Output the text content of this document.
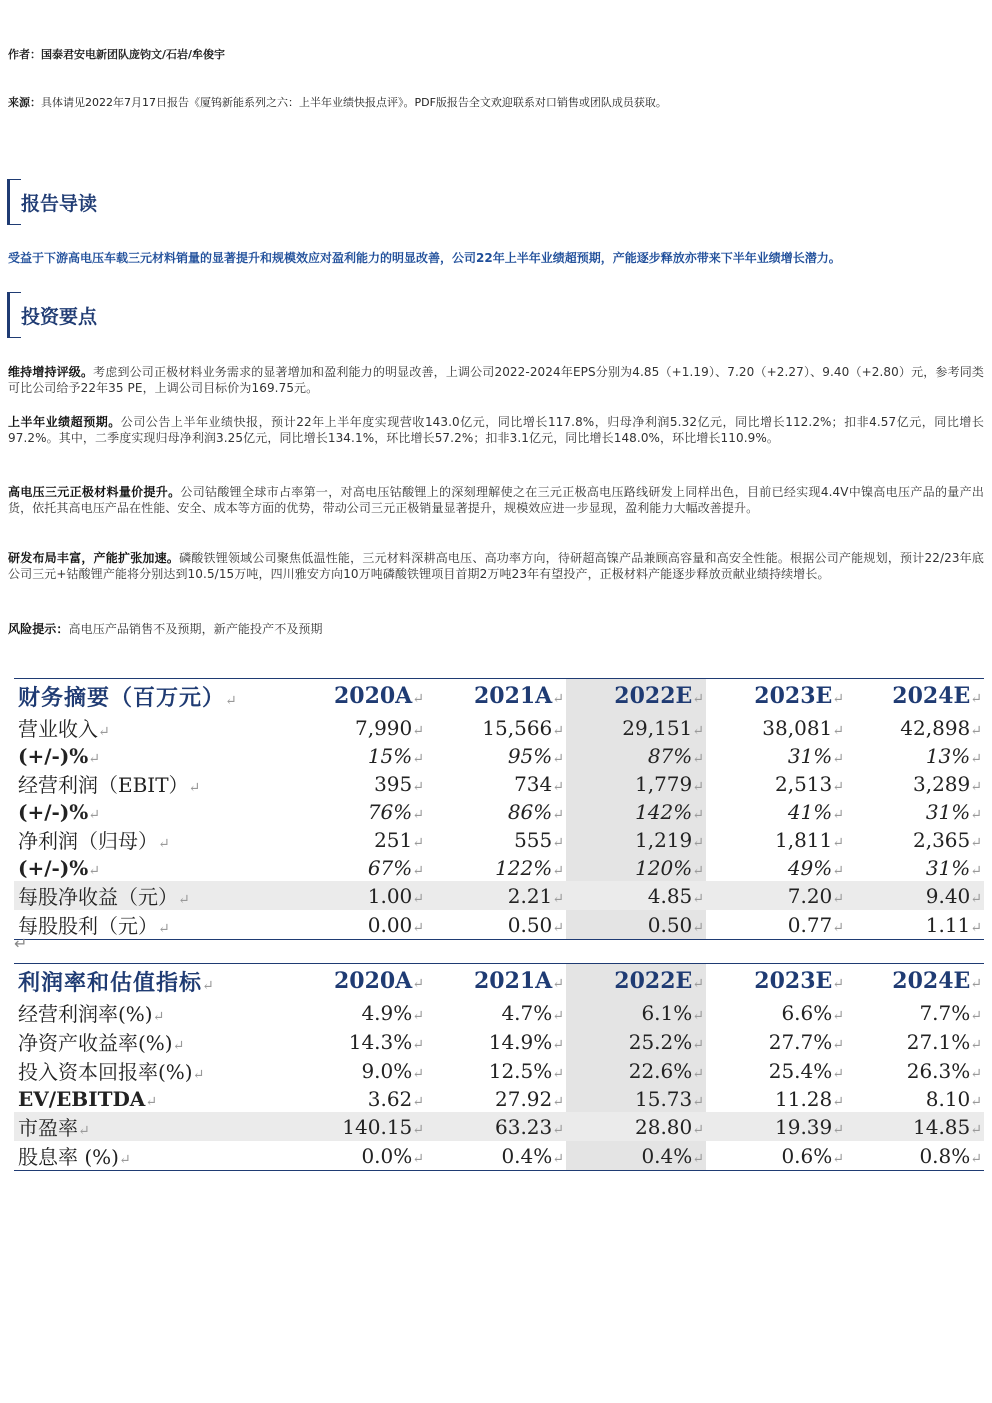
作者：国泰君安电新团队庞钧文/石岩/牟俊宇
来源：具体请见2022年7月17日报告《厦钨新能系列之六：上半年业绩快报点评》。PDF版报告全文欢迎联系对口销售或团队成员获取。
报告导读
受益于下游高电压车载三元材料销量的显著提升和规模效应对盈利能力的明显改善，公司22年上半年业绩超预期，产能逐步释放亦带来下半年业绩增长潜力。
投资要点
维持增持评级。考虑到公司正极材料业务需求的显著增加和盈利能力的明显改善，上调公司2022-2024年EPS分别为4.85（+1.19）、7.20（+2.27）、9.40（+2.80）元，参考同类可比公司给予22年35 PE，上调公司目标价为169.75元。
上半年业绩超预期。公司公告上半年业绩快报，预计22年上半年度实现营收143.0亿元，同比增长117.8%，归母净利润5.32亿元，同比增长112.2%；扣非4.57亿元，同比增长97.2%。其中，二季度实现归母净利润3.25亿元，同比增长134.1%，环比增长57.2%；扣非3.1亿元，同比增长148.0%，环比增长110.9%。
高电压三元正极材料量价提升。公司钴酸锂全球市占率第一，对高电压钴酸锂上的深刻理解使之在三元正极高电压路线研发上同样出色，目前已经实现4.4V中镍高电压产品的量产出货，依托其高电压产品在性能、安全、成本等方面的优势，带动公司三元正极销量显著提升，规模效应进一步显现，盈利能力大幅改善提升。
研发布局丰富，产能扩张加速。磷酸铁锂领域公司聚焦低温性能，三元材料深耕高电压、高功率方向，待研超高镍产品兼顾高容量和高安全性能。根据公司产能规划，预计22/23年底公司三元+钴酸锂产能将分别达到10.5/15万吨，四川雅安方向10万吨磷酸铁锂项目首期2万吨23年有望投产，正极材料产能逐步释放贡献业绩持续增长。
风险提示：高电压产品销售不及预期，新产能投产不及预期
财务摘要（百万元）↵	2020A↵	2021A↵	2022E↵	2023E↵	2024E↵
营业收入↵	7,990↵	15,566↵	29,151↵	38,081↵	42,898↵
(+/-)%↵	15%↵	95%↵	87%↵	31%↵	13%↵
经营利润（EBIT）↵	395↵	734↵	1,779↵	2,513↵	3,289↵
(+/-)%↵	76%↵	86%↵	142%↵	41%↵	31%↵
净利润（归母）↵	251↵	555↵	1,219↵	1,811↵	2,365↵
(+/-)%↵	67%↵	122%↵	120%↵	49%↵	31%↵
每股净收益（元）↵	1.00↵	2.21↵	4.85↵	7.20↵	9.40↵
每股股利（元）↵	0.00↵	0.50↵	0.50↵	0.77↵	1.11↵
↵
利润率和估值指标↵	2020A↵	2021A↵	2022E↵	2023E↵	2024E↵
经营利润率(%)↵	4.9%↵	4.7%↵	6.1%↵	6.6%↵	7.7%↵
净资产收益率(%)↵	14.3%↵	14.9%↵	25.2%↵	27.7%↵	27.1%↵
投入资本回报率(%)↵	9.0%↵	12.5%↵	22.6%↵	25.4%↵	26.3%↵
EV/EBITDA↵	3.62↵	27.92↵	15.73↵	11.28↵	8.10↵
市盈率↵	140.15↵	63.23↵	28.80↵	19.39↵	14.85↵
股息率 (%)↵	0.0%↵	0.4%↵	0.4%↵	0.6%↵	0.8%↵
